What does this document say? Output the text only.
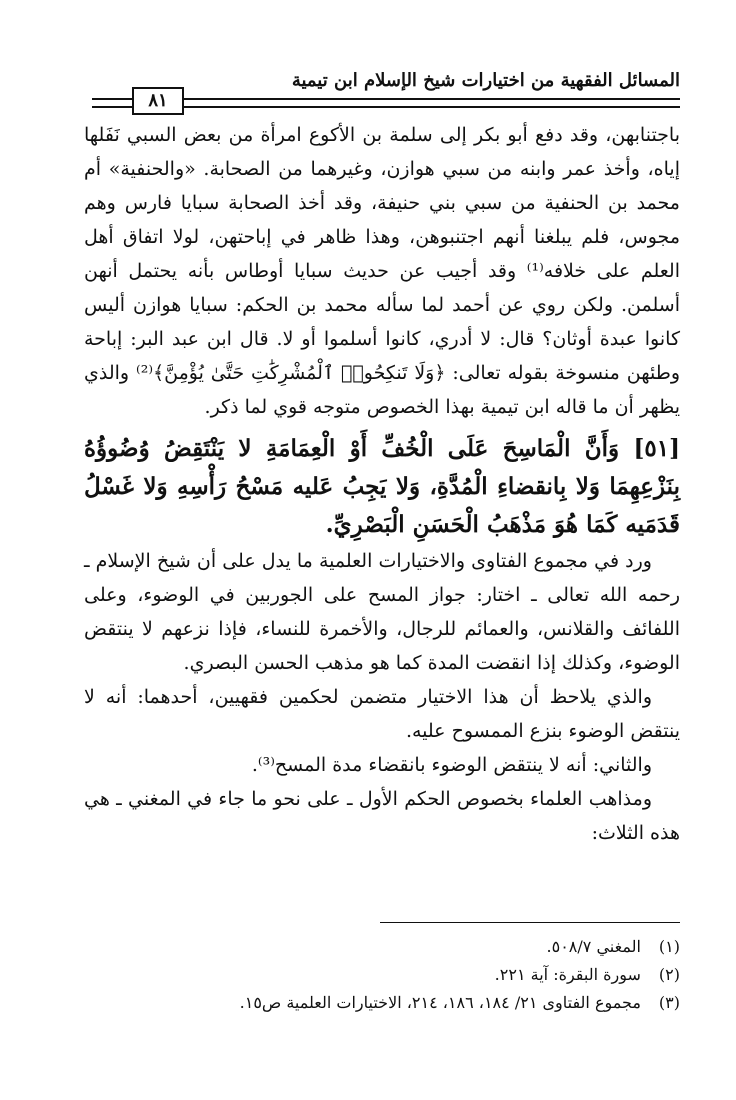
المسائل الفقهية من اختيارات شيخ الإسلام ابن تيمية
٨١

باجتنابهن، وقد دفع أبو بكر إلى سلمة بن الأكوع امرأة من بعض السبي نَفَلها إياه، وأخذ عمر وابنه من سبي هوازن، وغيرهما من الصحابة. «والحنفية» أم محمد بن الحنفية من سبي بني حنيفة، وقد أخذ الصحابة سبايا فارس وهم مجوس، فلم يبلغنا أنهم اجتنبوهن، وهذا ظاهر في إباحتهن، لولا اتفاق أهل العلم على خلافه⁽¹⁾ وقد أجيب عن حديث سبايا أوطاس بأنه يحتمل أنهن أسلمن. ولكن روي عن أحمد لما سأله محمد بن الحكم: سبايا هوازن أليس كانوا عبدة أوثان؟ قال: لا أدري، كانوا أسلموا أو لا. قال ابن عبد البر: إباحة وطئهن منسوخة بقوله تعالى: ﴿وَلَا تَنكِحُوا۟ ٱلْمُشْرِكَٰتِ حَتَّىٰ يُؤْمِنَّ﴾⁽²⁾ والذي يظهر أن ما قاله ابن تيمية بهذا الخصوص متوجه قوي لما ذكر.

[٥١] وَأَنَّ الْمَاسِحَ عَلَى الْخُفِّ أَوْ الْعِمَامَةِ لا يَنْتَقِضُ وُضُوؤُهُ بِنَزْعِهِمَا وَلا بِانقضاءِ الْمُدَّةِ، وَلا يَجِبُ عَليه مَسْحُ رَأْسِهِ وَلا غَسْلُ قَدَمَيه كَمَا هُوَ مَذْهَبُ الْحَسَنِ الْبَصْرِيِّ.

ورد في مجموع الفتاوى والاختيارات العلمية ما يدل على أن شيخ الإسلام ـ رحمه الله تعالى ـ اختار: جواز المسح على الجوربين في الوضوء، وعلى اللفائف والقلانس، والعمائم للرجال، والأخمرة للنساء، فإذا نزعهم لا ينتقض الوضوء، وكذلك إذا انقضت المدة كما هو مذهب الحسن البصري.

والذي يلاحظ أن هذا الاختيار متضمن لحكمين فقهيين، أحدهما: أنه لا ينتقض الوضوء بنزع الممسوح عليه.

والثاني: أنه لا ينتقض الوضوء بانقضاء مدة المسح⁽³⁾.

ومذاهب العلماء بخصوص الحكم الأول ـ على نحو ما جاء في المغني ـ هي هذه الثلاث:

(١) المغني ٥٠٨/٧.

(٢) سورة البقرة: آية ٢٢١.

(٣) مجموع الفتاوى ٢١/ ١٨٤، ١٨٦، ٢١٤، الاختيارات العلمية ص١٥.
